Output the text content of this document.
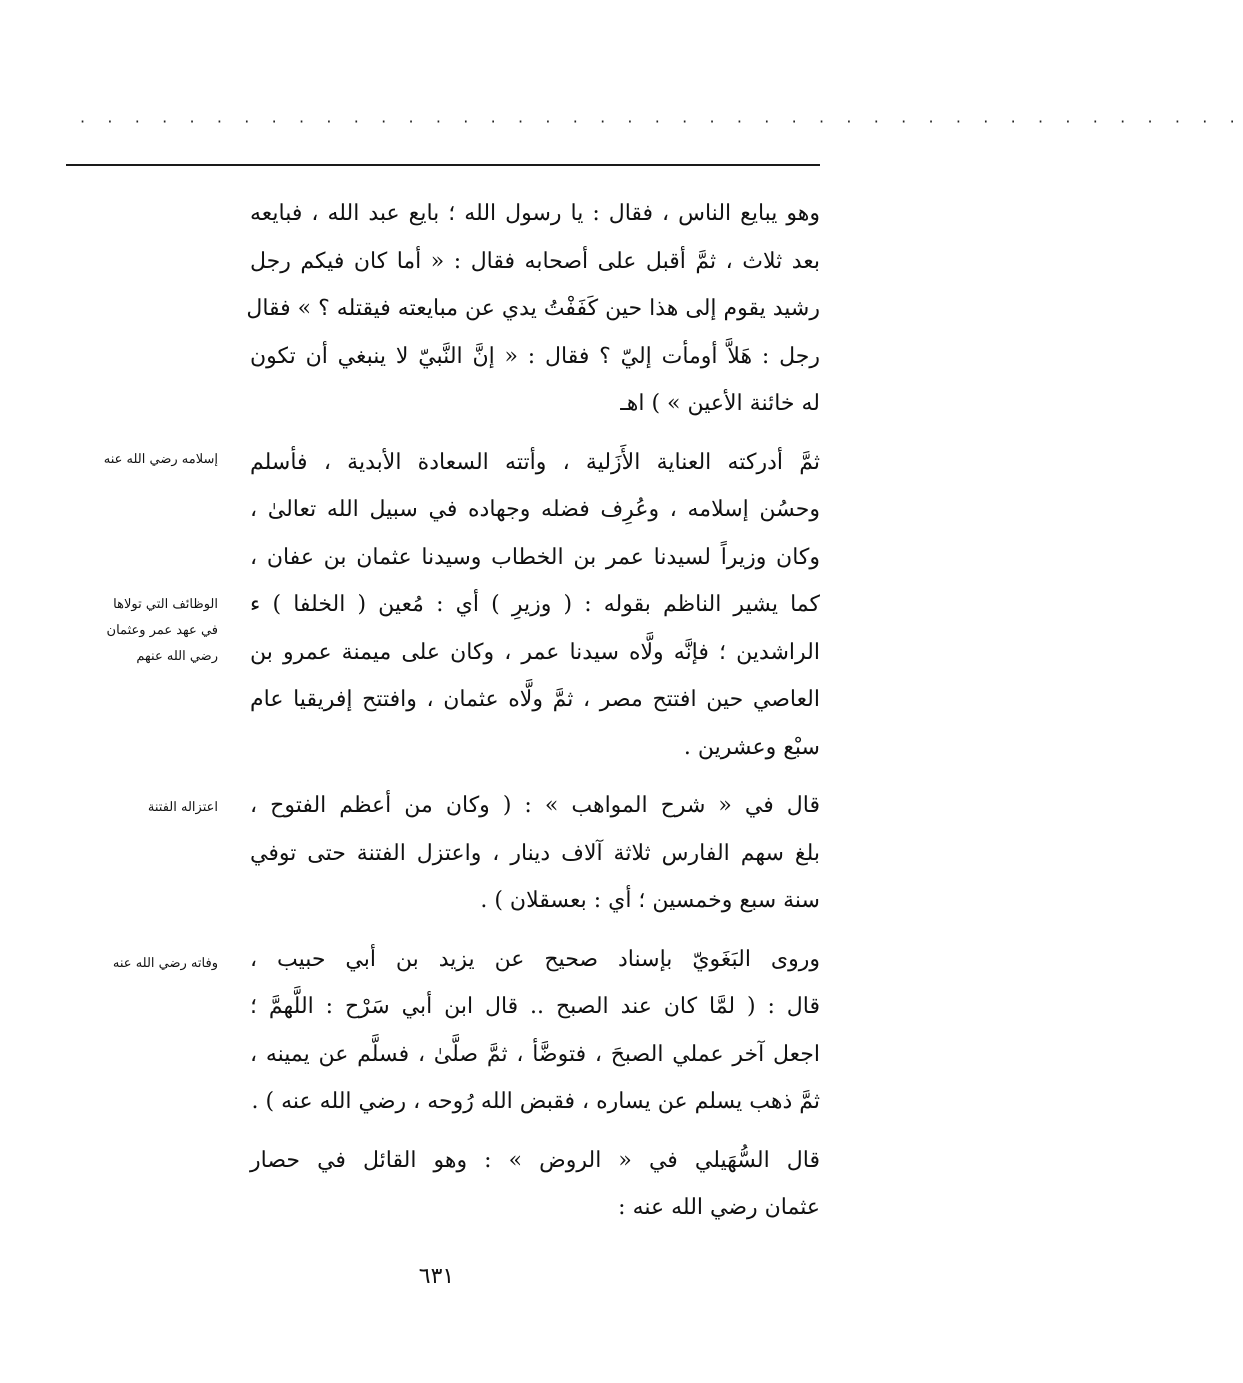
· · · · · · · · · · · · · · · · · · · · · · · · · · · · · · · · · · · · · · · · · · ·

وهو يبايع الناس ، فقال : يا رسول الله ؛ بايع عبد الله ، فبايعه
بعد ثلاث ، ثمَّ أقبل على أصحابه فقال : « أما كان فيكم رجل
رشيد يقوم إلى هذا حين كَفَفْتُ يدي عن مبايعته فيقتله ؟ » فقال
رجل : هَلاَّ أومأت إليّ ؟ فقال : « إنَّ النَّبيّ لا ينبغي أن تكون
له خائنة الأعين » ) اهـ

ثمَّ أدركته العناية الأَزَلية ، وأتته السعادة الأبدية ، فأسلم
وحسُن إسلامه ، وعُرِف فضله وجهاده في سبيل الله تعالىٰ ،
وكان وزيراً لسيدنا عمر بن الخطاب وسيدنا عثمان بن عفان ،
كما يشير الناظم بقوله : ( وزيرِ ) أي : مُعين ( الخلفا ) ء
الراشدين ؛ فإنَّه ولَّاه سيدنا عمر ، وكان على ميمنة عمرو بن
العاصي حين افتتح مصر ، ثمَّ ولَّاه عثمان ، وافتتح إفريقيا عام
سبْع وعشرين .

قال في « شرح المواهب » : ( وكان من أعظم الفتوح ،
بلغ سهم الفارس ثلاثة آلاف دينار ، واعتزل الفتنة حتى توفي
سنة سبع وخمسين ؛ أي : بعسقلان ) .

وروى البَغَويّ بإسناد صحيح عن يزيد بن أبي حبيب ،
قال : ( لمَّا كان عند الصبح .. قال ابن أبي سَرْح : اللَّهمَّ ؛
اجعل آخر عملي الصبحَ ، فتوضَّأ ، ثمَّ صلَّىٰ ، فسلَّم عن يمينه ،
ثمَّ ذهب يسلم عن يساره ، فقبض الله رُوحه ، رضي الله عنه ) .

قال السُّهَيلي في « الروض » : وهو القائل في حصار
عثمان رضي الله عنه :

إسلامه رضي الله عنه
الوظائف التي تولاها
في عهد عمر وعثمان
رضي الله عنهم
اعتزاله الفتنة
وفاته رضي الله عنه
٦٣١
